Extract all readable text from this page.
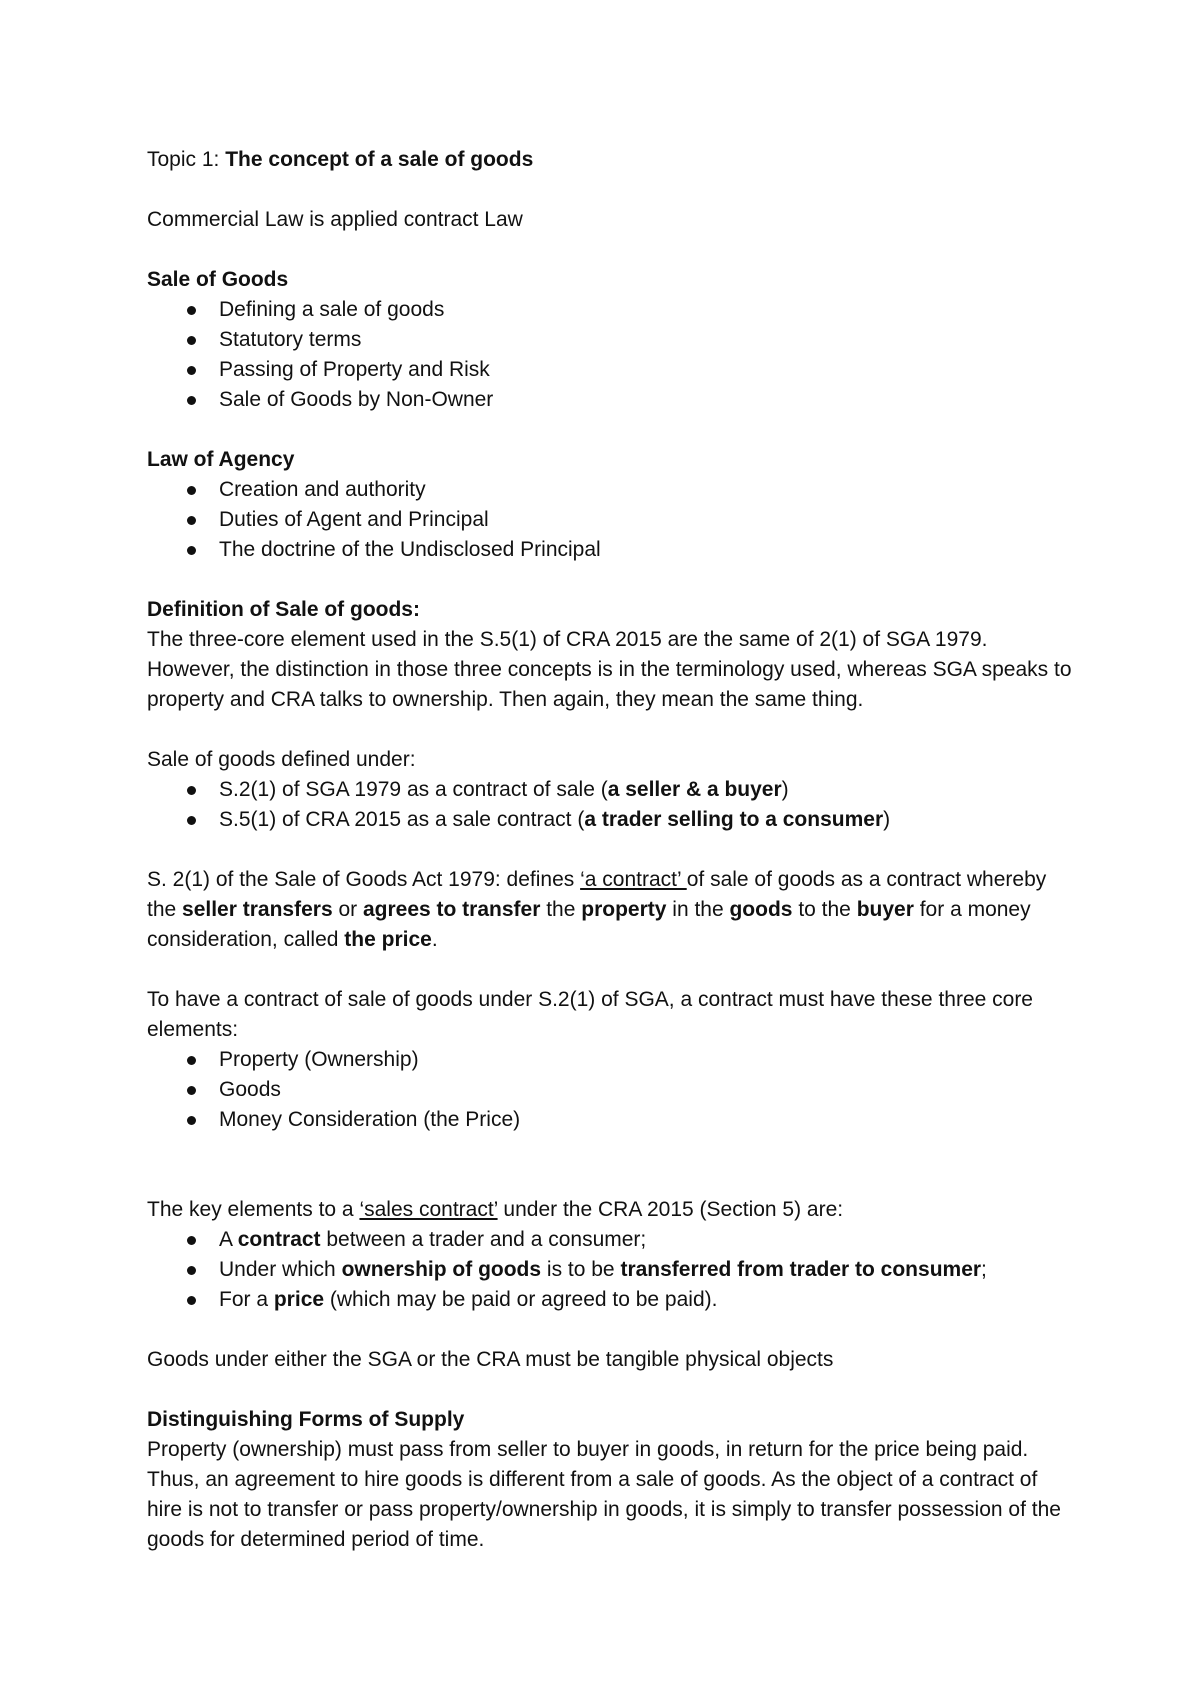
Topic 1: The concept of a sale of goods

Commercial Law is applied contract Law

Sale of Goods

Defining a sale of goods
Statutory terms
Passing of Property and Risk
Sale of Goods by Non-Owner

Law of Agency

Creation and authority
Duties of Agent and Principal
The doctrine of the Undisclosed Principal

Definition of Sale of goods:

The three-core element used in the S.5(1) of CRA 2015 are the same of 2(1) of SGA 1979. However, the distinction in those three concepts is in the terminology used, whereas SGA speaks to property and CRA talks to ownership. Then again, they mean the same thing.

Sale of goods defined under:

S.2(1) of SGA 1979 as a contract of sale (a seller & a buyer)
S.5(1) of CRA 2015 as a sale contract (a trader selling to a consumer)

S. 2(1) of the Sale of Goods Act 1979: defines ‘a contract’ of sale of goods as a contract whereby the seller transfers or agrees to transfer the property in the goods to the buyer for a money consideration, called the price.

To have a contract of sale of goods under S.2(1) of SGA, a contract must have these three core elements:

Property (Ownership)
Goods
Money Consideration (the Price)

The key elements to a ‘sales contract’ under the CRA 2015 (Section 5) are:

A contract between a trader and a consumer;
Under which ownership of goods is to be transferred from trader to consumer;
For a price (which may be paid or agreed to be paid).

Goods under either the SGA or the CRA must be tangible physical objects

Distinguishing Forms of Supply

Property (ownership) must pass from seller to buyer in goods, in return for the price being paid. Thus, an agreement to hire goods is different from a sale of goods. As the object of a contract of hire is not to transfer or pass property/ownership in goods, it is simply to transfer possession of the goods for determined period of time.
